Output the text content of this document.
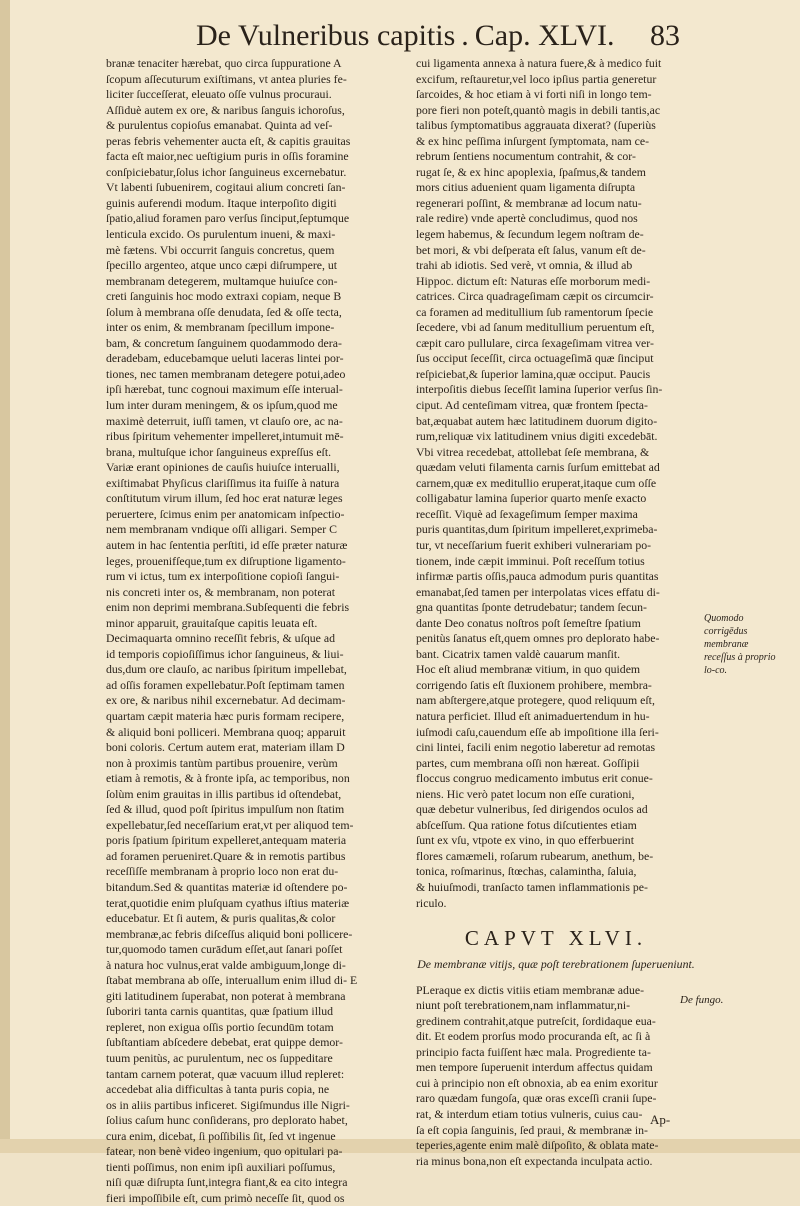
De Vulneribus capitis . Cap. XLVI. 83
branæ tenaciter hærebat, quo circa ſuppuratione A
ſcopum aſſecuturum exiſtimans, vt antea pluries fe-
liciter ſucceſſerat, eleuato oſſe vulnus procuraui.
Aſſiduè autem ex ore, & naribus ſanguis ichoroſus,
& purulentus copioſus emanabat. Quinta ad veſ-
peras febris vehementer aucta eſt, & capitis grauitas
facta eſt maior,nec ueſtigium puris in oſſis foramine
conſpiciebatur,ſolus ichor ſanguineus excernebatur.
Vt labenti ſubuenirem, cogitaui alium concreti ſan-
guinis auferendi modum. Itaque interpoſito digiti
ſpatio,aliud foramen paro verſus ſinciput,ſeptumque
lenticula excido. Os purulentum inueni, & maxi-
mè fætens. Vbi occurrit ſanguis concretus, quem
ſpecillo argenteo, atque unco cæpi diſrumpere, ut
membranam detegerem, multamque huiuſce con-
creti ſanguinis hoc modo extraxi copiam, neque B
ſolum à membrana oſſe denudata, ſed & oſſe tecta,
inter os enim, & membranam ſpecillum impone-
bam, & concretum ſanguinem quodammodo dera-
deradebam, educebamque ueluti laceras lintei por-
tiones, nec tamen membranam detegere potui,adeo
ipſi hærebat, tunc cognoui maximum eſſe interual-
lum inter duram meningem, & os ipſum,quod me
maximè deterruit, iuſſi tamen, vt clauſo ore, ac na-
ribus ſpiritum vehementer impelleret,intumuit mē-
brana, multuſque ichor ſanguineus expreſſus eſt.
Variæ erant opiniones de cauſis huiuſce interualli,
exiſtimabat Phyſicus clariſſimus ita fuiſſe à natura
conſtitutum virum illum, ſed hoc erat naturæ leges
peruertere, ſcimus enim per anatomicam inſpectio-
nem membranam vndique oſſi alligari. Semper C
autem in hac ſententia perſtiti, id eſſe præter naturæ
leges, prouenifſeque,tum ex diſruptione ligamento-
rum vi ictus, tum ex interpoſitione copioſi ſangui-
nis concreti inter os, & membranam, non poterat
enim non deprimi membrana.Subſequenti die febris
minor apparuit, grauitaſque capitis leuata eſt.
Decimaquarta omnino receſſit febris, & uſque ad
id temporis copioſiſſimus ichor ſanguineus, & liui-
dus,dum ore clauſo, ac naribus ſpiritum impellebat,
ad oſſis foramen expellebatur.Poſt ſeptimam tamen
ex ore, & naribus nihil excernebatur. Ad decimam-
quartam cæpit materia hæc puris formam recipere,
& aliquid boni polliceri. Membrana quoq; apparuit
boni coloris. Certum autem erat, materiam illam D
non à proximis tantùm partibus prouenire, verùm
etiam à remotis, & à fronte ipſa, ac temporibus, non
ſolùm enim grauitas in illis partibus id oſtendebat,
ſed & illud, quod poſt ſpiritus impulſum non ſtatim
expellebatur,ſed neceſſarium erat,vt per aliquod tem-
poris ſpatium ſpiritum expelleret,antequam materia
ad foramen perueniret.Quare & in remotis partibus
receſſiſſe membranam à proprio loco non erat du-
bitandum.Sed & quantitas materiæ id oſtendere po-
terat,quotidie enim pluſquam cyathus iſtius materiæ
educebatur. Et ſi autem, & puris qualitas,& color
membranæ,ac febris diſceſſus aliquid boni pollicere-
tur,quomodo tamen curādum eſſet,aut ſanari poſſet
à natura hoc vulnus,erat valde ambiguum,longe di-
ſtabat membrana ab oſſe, interuallum enim illud di- E
giti latitudinem ſuperabat, non poterat à membrana
ſuboriri tanta carnis quantitas, quæ ſpatium illud
repleret, non exigua oſſis portio ſecundūm totam
ſubſtantiam abſcedere debebat, erat quippe demor-
tuum penitùs, ac purulentum, nec os ſuppeditare
tantam carnem poterat, quæ vacuum illud repleret:
accedebat alia difficultas à tanta puris copia, ne
os in aliis partibus inficeret. Sigiſmundus ille Nigri-
ſolius caſum hunc conſiderans, pro deplorato habet,
cura enim, dicebat, ſi poſſibilis ſit, ſed vt ingenue
fatear, non benè video ingenium, quo opitulari pa-
tienti poſſimus, non enim ipſi auxiliari poſſumus,
niſi quæ diſrupta ſunt,integra fiant,& ea cito integra
fieri impoſſibile eſt, cum primò neceſſe ſit, quod os
cui ligamenta annexa à natura fuere,& à medico fuit
excifum, reſtauretur,vel loco ipſius partia generetur
ſarcoides, & hoc etiam à vi forti niſi in longo tem-
pore fieri non poteſt,quantò magis in debili tantis,ac
talibus ſymptomatibus aggrauata dixerat? (ſuperiùs
& ex hinc peſſima inſurgent ſymptomata, nam ce-
rebrum ſentiens nocumentum contrahit, & cor-
rugat ſe, & ex hinc apoplexia, ſpaſmus,& tandem
mors citius aduenient quam ligamenta diſrupta
regenerari poſſint, & membranæ ad locum natu-
rale redire) vnde apertè concludimus, quod nos
legem habemus, & ſecundum legem noſtram de-
bet mori, & vbi deſperata eſt ſalus, vanum eſt de-
trahi ab idiotis. Sed verè, vt omnia, & illud ab
Hippoc. dictum eſt: Naturas eſſe morborum medi-
catrices. Circa quadrageſimam cæpit os circumcir-
ca foramen ad meditullium ſub ramentorum ſpecie
ſecedere, vbi ad ſanum meditullium peruentum eſt,
cæpit caro pullulare, circa ſexageſimam vitrea ver-
ſus occiput ſeceſſit, circa octuageſimā quæ ſinciput
reſpiciebat,& ſuperior lamina,quæ occiput. Paucis
interpoſitis diebus ſeceſſit lamina ſuperior verſus ſin-
ciput. Ad centeſimam vitrea, quæ frontem ſpecta-
bat,æquabat autem hæc latitudinem duorum digito-
rum,reliquæ vix latitudinem vnius digiti excedebāt.
Vbi vitrea recedebat, attollebat ſeſe membrana, &
quædam veluti filamenta carnis ſurſum emittebat ad
carnem,quæ ex meditullio eruperat,itaque cum oſſe
colligabatur lamina ſuperior quarto menſe exacto
receſſit. Viquè ad ſexageſimum ſemper maxima
puris quantitas,dum ſpiritum impelleret,exprimeba-
tur, vt neceſſarium fuerit exhiberi vulnerariam po-
tionem, inde cæpit imminui. Poſt receſſum totius
infirmæ partis oſſis,pauca admodum puris quantitas
emanabat,ſed tamen per interpolatas vices effatu di-
gna quantitas ſponte detrudebatur; tandem ſecun-
dante Deo conatus noſtros poſt ſemeſtre ſpatium
penitùs ſanatus eſt,quem omnes pro deplorato habe-
bant. Cicatrix tamen valdè cauarum manſit.
Hoc eſt aliud membranæ vitium, in quo quidem
corrigendo ſatis eſt ſluxionem prohibere, membra-
nam abſtergere,atque protegere, quod reliquum eſt,
natura perficiet. Illud eſt animaduertendum in hu-
iuſmodi caſu,cauendum eſſe ab impoſitione illa ſeri-
cini lintei, facili enim negotio laberetur ad remotas
partes, cum membrana oſſi non hæreat. Goſſipii
floccus congruo medicamento imbutus erit conue-
niens. Hic verò patet locum non eſſe curationi,
quæ debetur vulneribus, ſed dirigendos oculos ad
abſceſſum. Qua ratione fotus diſcutientes etiam
ſunt ex vſu, vtpote ex vino, in quo efferbuerint
flores camæmeli, roſarum rubearum, anethum, be-
tonica, roſmarinus, ſtœchas, calamintha, ſaluia,
& huiuſmodi, tranſacto tamen inflammationis pe-
riculo.
CAPVT XLVI.
De membranæ vitijs, quæ poſt terebrationem ſuperueniunt.
PLeraque ex dictis vitiis etiam membranæ adue-
niunt poſt terebrationem,nam inflammatur,ni-
gredinem contrahit,atque putreſcit, ſordidaque eua-
dit. Et eodem prorſus modo procuranda eſt, ac ſi à
principio facta fuiſſent hæc mala. Progrediente ta-
men tempore ſuperuenit interdum affectus quidam
cui à principio non eſt obnoxia, ab ea enim exoritur
raro quædam fungoſa, quæ oras exceſſi cranii ſupe-
rat, & interdum etiam totius vulneris, cuius cau-
ſa eſt copia ſanguinis, ſed praui, & membranæ in-
teperies,agente enim malè diſpoſito, & oblata mate-
ria minus bona,non eſt expectanda inculpata actio.
Quomodo corrigēdus membranæ receſſus à proprio lo-co.
De fungo.
Ap-
